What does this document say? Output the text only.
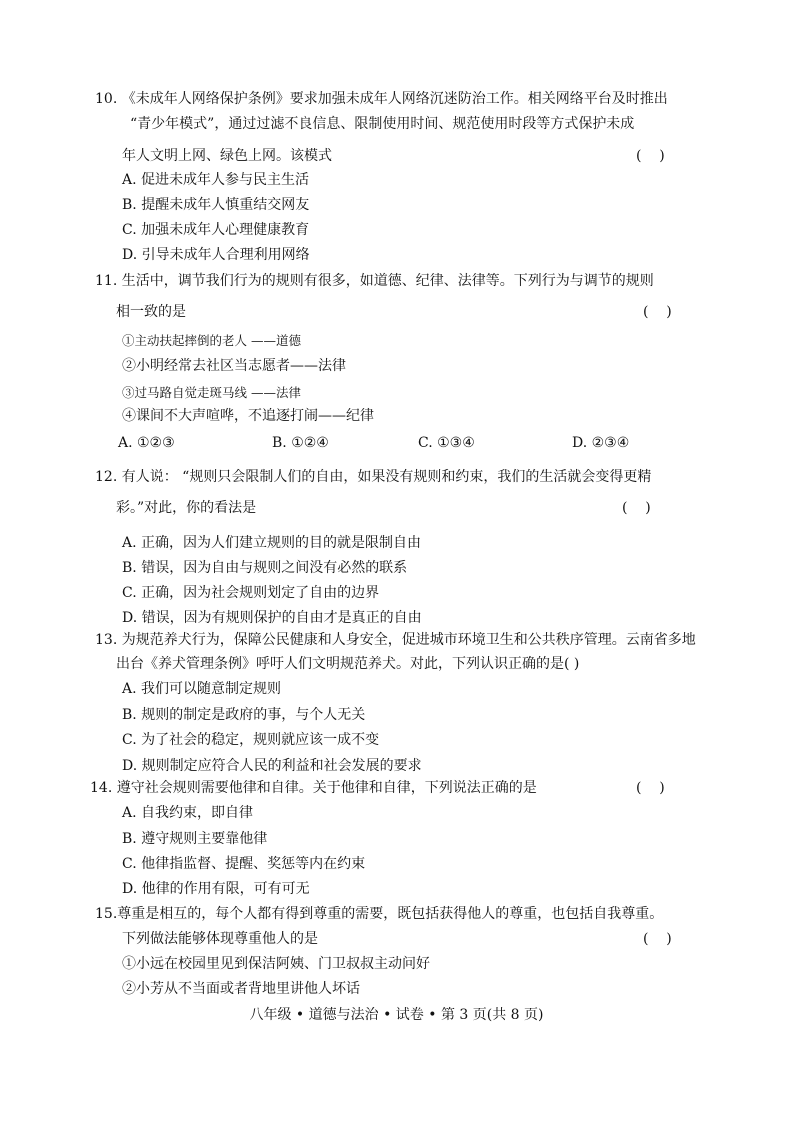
10. 《未成年人网络保护条例》要求加强未成年人网络沉迷防治工作。相关网络平台及时推出
“青少年模式”，通过过滤不良信息、限制使用时间、规范使用时段等方式保护未成
年人文明上网、绿色上网。该模式	(    )
A. 促进未成年人参与民主生活
B. 提醒未成年人慎重结交网友
C. 加强未成年人心理健康教育
D. 引导未成年人合理利用网络
11. 生活中，调节我们行为的规则有很多，如道德、纪律、法律等。下列行为与调节的规则
相一致的是	(    )
①主动扶起摔倒的老人 ——道德
②小明经常去社区当志愿者——法律
③过马路自觉走斑马线 ——法律
④课间不大声喧哗，不追逐打闹——纪律
A. ①②③	B. ①②④	C. ①③④	D. ②③④
12. 有人说： “规则只会限制人们的自由，如果没有规则和约束，我们的生活就会变得更精
彩。”对此，你的看法是	(    )
A. 正确，因为人们建立规则的目的就是限制自由
B. 错误，因为自由与规则之间没有必然的联系
C. 正确，因为社会规则划定了自由的边界
D. 错误，因为有规则保护的自由才是真正的自由
13. 为规范养犬行为，保障公民健康和人身安全，促进城市环境卫生和公共秩序管理。云南省多地
出台《养犬管理条例》呼吁人们文明规范养犬。对此，下列认识正确的是( )
A. 我们可以随意制定规则
B. 规则的制定是政府的事，与个人无关
C. 为了社会的稳定，规则就应该一成不变
D. 规则制定应符合人民的利益和社会发展的要求
14. 遵守社会规则需要他律和自律。关于他律和自律，下列说法正确的是	(    )
A. 自我约束，即自律
B. 遵守规则主要靠他律
C. 他律指监督、提醒、奖惩等内在约束
D. 他律的作用有限，可有可无
15.尊重是相互的，每个人都有得到尊重的需要，既包括获得他人的尊重，也包括自我尊重。
下列做法能够体现尊重他人的是	(    )
①小远在校园里见到保洁阿姨、门卫叔叔主动问好
②小芳从不当面或者背地里讲他人坏话
八年级 • 道德与法治 • 试卷 • 第 3 页(共 8 页)
